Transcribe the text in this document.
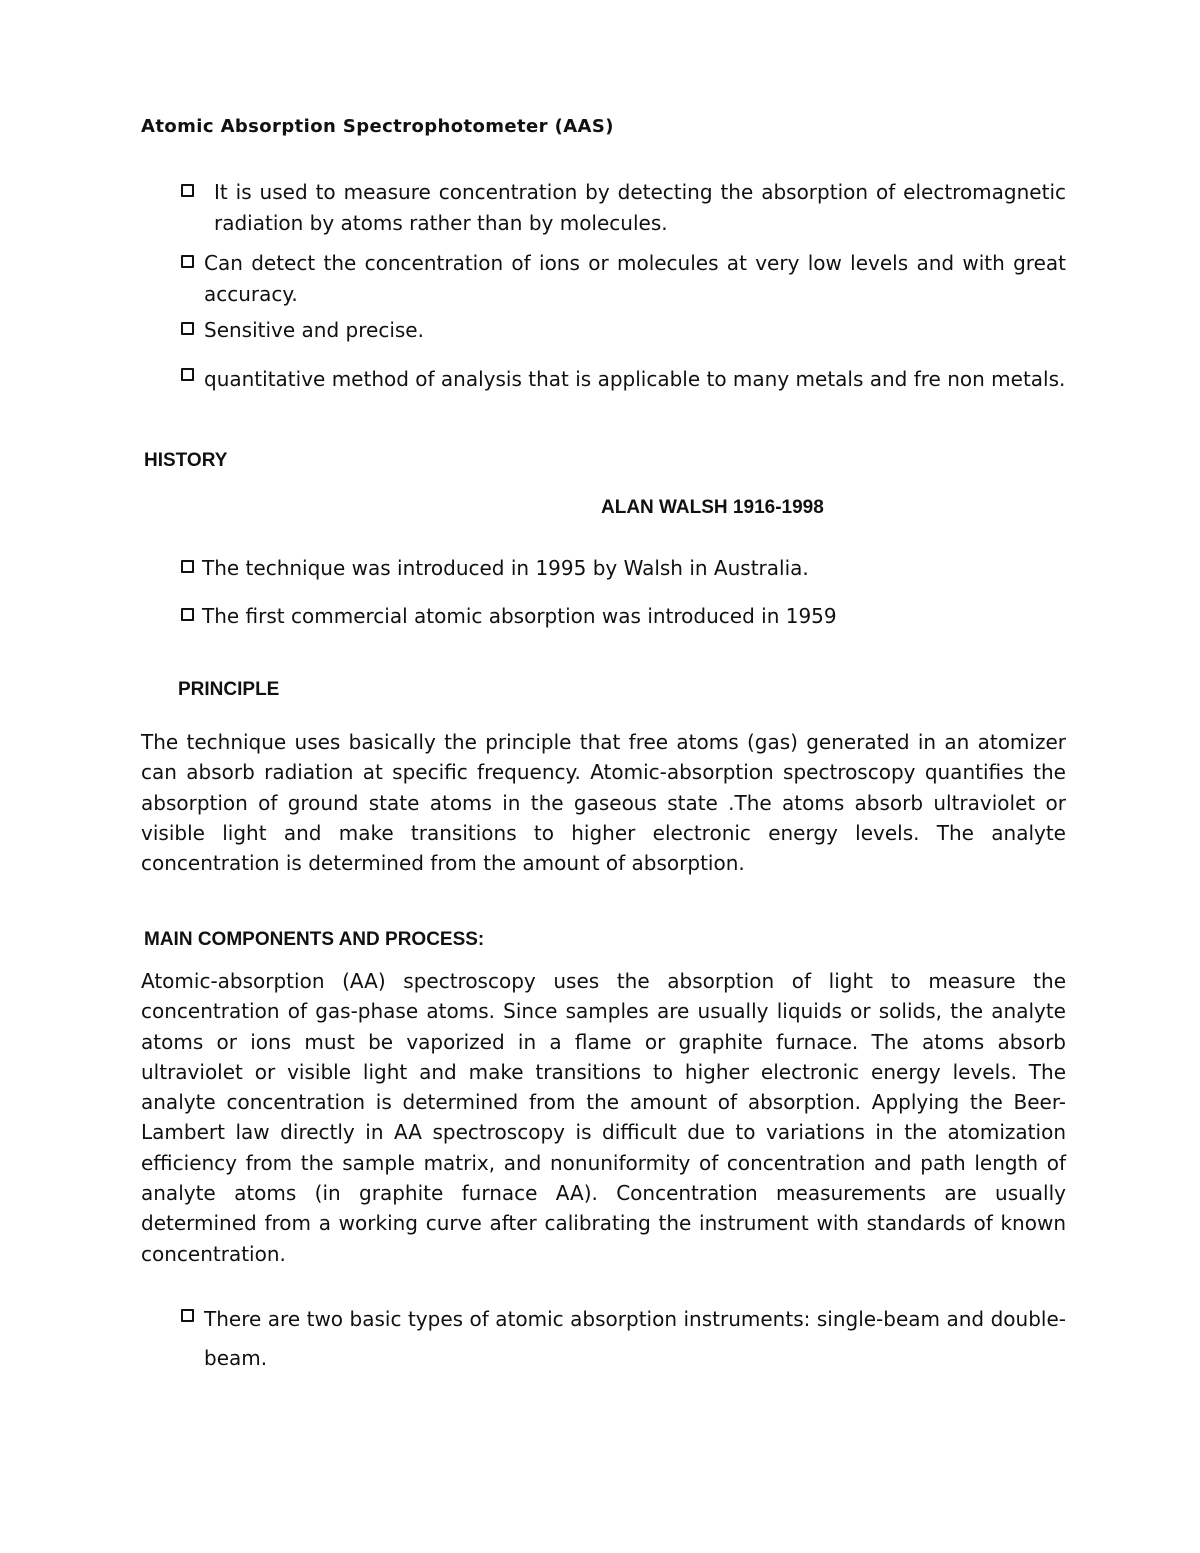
Atomic Absorption Spectrophotometer (AAS)
It is used to measure concentration by detecting the absorption of electromagnetic radiation by atoms rather than by molecules.
Can detect the concentration of ions or molecules at very low levels and with great accuracy.
Sensitive and precise.
quantitative method of analysis that is applicable to many metals and fre non metals.
HISTORY
ALAN WALSH 1916-1998
The technique was introduced in 1995 by Walsh in Australia.
The first commercial atomic absorption was introduced in 1959
PRINCIPLE
The technique uses basically the principle that free atoms (gas) generated in an atomizer can absorb radiation at specific frequency. Atomic-absorption spectroscopy quantifies the absorption of ground state atoms in the gaseous state .The atoms absorb ultraviolet or visible light and make transitions to higher electronic energy levels. The analyte concentration is determined from the amount of absorption.
MAIN COMPONENTS AND PROCESS:
Atomic-absorption (AA) spectroscopy uses the absorption of light to measure the concentration of gas-phase atoms. Since samples are usually liquids or solids, the analyte atoms or ions must be vaporized in a flame or graphite furnace. The atoms absorb ultraviolet or visible light and make transitions to higher electronic energy levels. The analyte concentration is determined from the amount of absorption. Applying the Beer-Lambert law directly in AA spectroscopy is difficult due to variations in the atomization efficiency from the sample matrix, and nonuniformity of concentration and path length of analyte atoms (in graphite furnace AA). Concentration measurements are usually determined from a working curve after calibrating the instrument with standards of known concentration.
There are two basic types of atomic absorption instruments: single-beam and double-beam.
